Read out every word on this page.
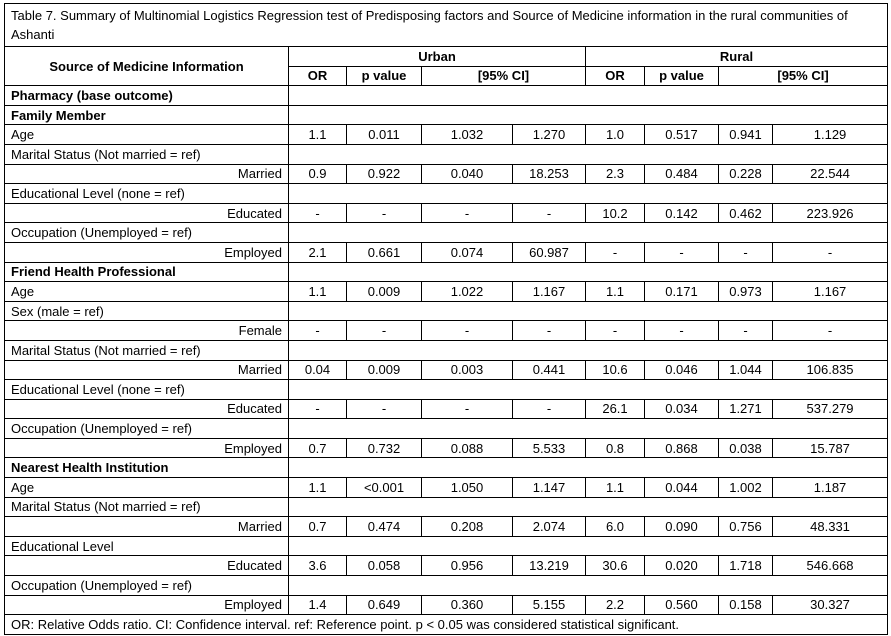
Table 7. Summary of Multinomial Logistics Regression test of Predisposing factors and Source of Medicine information in the rural communities of Ashanti								
Source of Medicine Information	Urban				Rural			
	OR	p value	[95% CI]		OR	p value	[95% CI]	
Pharmacy (base outcome)								
Family Member								
Age	1.1	0.011	1.032	1.270	1.0	0.517	0.941	1.129
Marital Status (Not married = ref)								
Married	0.9	0.922	0.040	18.253	2.3	0.484	0.228	22.544
Educational Level (none = ref)								
Educated	-	-	-	-	10.2	0.142	0.462	223.926
Occupation (Unemployed = ref)								
Employed	2.1	0.661	0.074	60.987	-	-	-	-
Friend Health Professional								
Age	1.1	0.009	1.022	1.167	1.1	0.171	0.973	1.167
Sex (male = ref)								
Female	-	-	-	-	-	-	-	-
Marital Status (Not married = ref)								
Married	0.04	0.009	0.003	0.441	10.6	0.046	1.044	106.835
Educational Level (none = ref)								
Educated	-	-	-	-	26.1	0.034	1.271	537.279
Occupation (Unemployed = ref)								
Employed	0.7	0.732	0.088	5.533	0.8	0.868	0.038	15.787
Nearest Health Institution								
Age	1.1	<0.001	1.050	1.147	1.1	0.044	1.002	1.187
Marital Status (Not married = ref)								
Married	0.7	0.474	0.208	2.074	6.0	0.090	0.756	48.331
Educational Level								
Educated	3.6	0.058	0.956	13.219	30.6	0.020	1.718	546.668
Occupation (Unemployed = ref)								
Employed	1.4	0.649	0.360	5.155	2.2	0.560	0.158	30.327
OR: Relative Odds ratio. CI: Confidence interval. ref: Reference point. p < 0.05 was considered statistical significant.								
